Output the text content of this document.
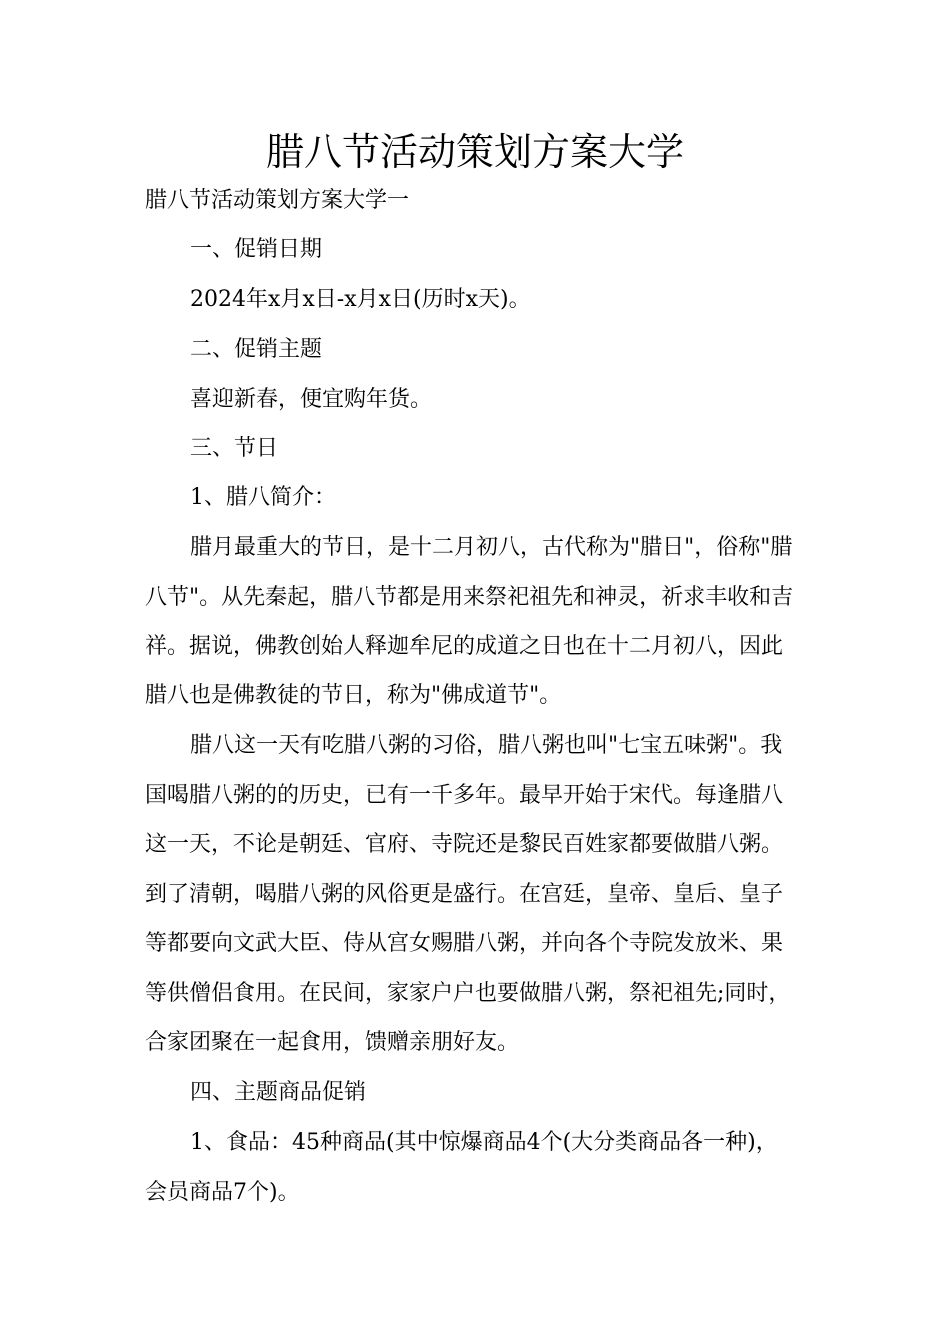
腊八节活动策划方案大学

腊八节活动策划方案大学一

一、促销日期

2024年x月x日-x月x日(历时x天)。

二、促销主题

喜迎新春，便宜购年货。

三、节日

1、腊八简介：

腊月最重大的节日，是十二月初八，古代称为"腊日"，俗称"腊

八节"。从先秦起，腊八节都是用来祭祀祖先和神灵，祈求丰收和吉

祥。据说，佛教创始人释迦牟尼的成道之日也在十二月初八，因此

腊八也是佛教徒的节日，称为"佛成道节"。

腊八这一天有吃腊八粥的习俗，腊八粥也叫"七宝五味粥"。我

国喝腊八粥的的历史，已有一千多年。最早开始于宋代。每逢腊八

这一天，不论是朝廷、官府、寺院还是黎民百姓家都要做腊八粥。

到了清朝，喝腊八粥的风俗更是盛行。在宫廷，皇帝、皇后、皇子

等都要向文武大臣、侍从宫女赐腊八粥，并向各个寺院发放米、果

等供僧侣食用。在民间，家家户户也要做腊八粥，祭祀祖先;同时，

合家团聚在一起食用，馈赠亲朋好友。

四、主题商品促销

1、食品：45种商品(其中惊爆商品4个(大分类商品各一种)，

会员商品7个)。
